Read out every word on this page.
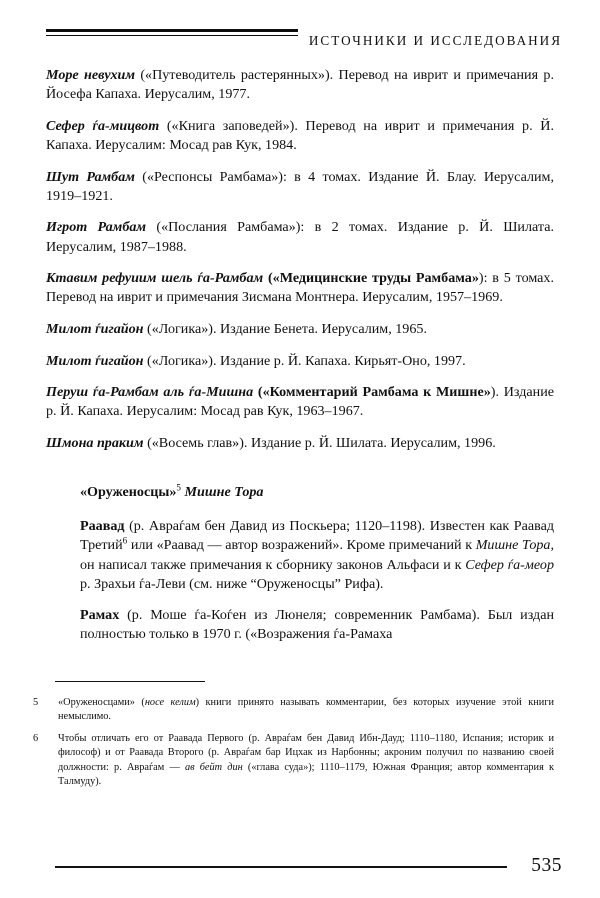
ИСТОЧНИКИ И ИССЛЕДОВАНИЯ

Море невухим («Путеводитель растерянных»). Перевод на иврит и примечания р. Йосефа Капаха. Иерусалим, 1977.

Сефер ѓа-мицвот («Книга заповедей»). Перевод на иврит и примечания р. Й. Капаха. Иерусалим: Мосад рав Кук, 1984.

Шут Рамбам («Респонсы Рамбама»): в 4 томах. Издание Й. Блау. Иерусалим, 1919–1921.

Игрот Рамбам («Послания Рамбама»): в 2 томах. Издание р. Й. Шилата. Иерусалим, 1987–1988.

Ктавим рефуиим шель ѓа-Рамбам («Медицинские труды Рамбама»): в 5 томах. Перевод на иврит и примечания Зисмана Монтнера. Иерусалим, 1957–1969.

Милот ѓигайон («Логика»). Издание Бенета. Иерусалим, 1965.

Милот ѓигайон («Логика»). Издание р. Й. Капаха. Кирьят-Оно, 1997.

Перуш ѓа-Рамбам аль ѓа-Мишна («Комментарий Рамбама к Мишне»). Издание р. Й. Капаха. Иерусалим: Мосад рав Кук, 1963–1967.

Шмона праким («Восемь глав»). Издание р. Й. Шилата. Иерусалим, 1996.

«Оруженосцы»$^5$ Мишне Тора

Раавад (р. Авраѓам бен Давид из Поскьера; 1120–1198). Известен как Раавад Третий$^6$ или «Раавад — автор возражений». Кроме примечаний к Мишне Тора, он написал также примечания к сборнику законов Альфаси и к Сефер ѓа-меор р. Зрахьи ѓа-Леви (см. ниже “Оруженосцы” Рифа).

Рамах (р. Моше ѓа-Коѓен из Люнеля; современник Рамбама). Был издан полностью только в 1970 г. («Возражения ѓа-Рамаха

5	«Оруженосцами» (носе келим) книги принято называть комментарии, без которых изучение этой книги немыслимо.
6	Чтобы отличать его от Раавада Первого (р. Авраѓам бен Давид Ибн-Дауд; 1110–1180, Испания; историк и философ) и от Раавада Второго (р. Авраѓам бар Ицхак из Нарбонны; акроним получил по названию своей должности: р. Авраѓам — ав бейт дин («глава суда»); 1110–1179, Южная Франция; автор комментария к Талмуду).
535
